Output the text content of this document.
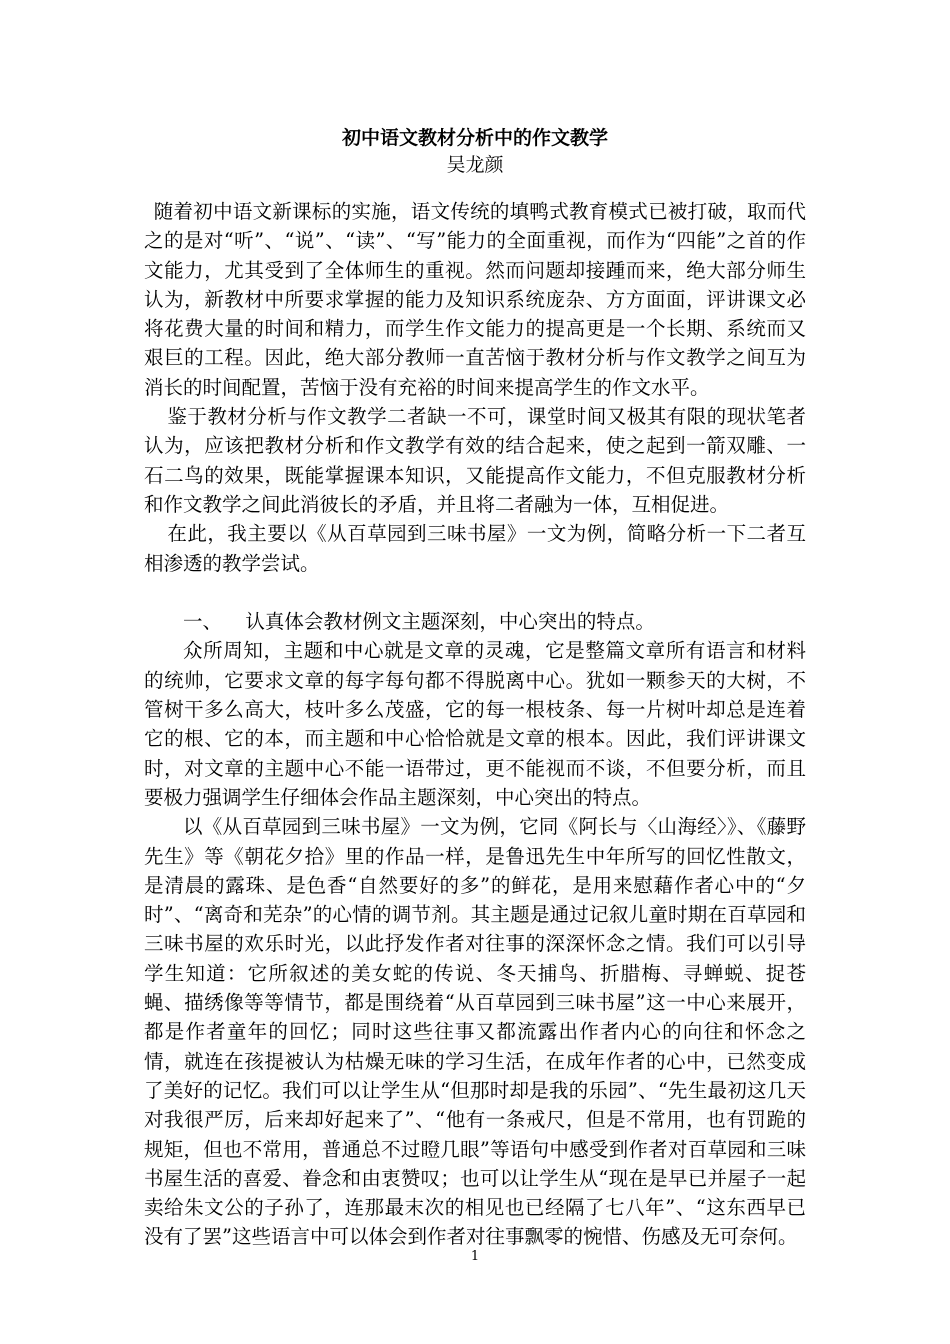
初中语文教材分析中的作文教学
吴龙颜

随着初中语文新课标的实施，语文传统的填鸭式教育模式已被打破，取而代之的是对“听”、“说”、“读”、“写”能力的全面重视，而作为“四能”之首的作文能力，尤其受到了全体师生的重视。然而问题却接踵而来，绝大部分师生认为，新教材中所要求掌握的能力及知识系统庞杂、方方面面，评讲课文必将花费大量的时间和精力，而学生作文能力的提高更是一个长期、系统而又艰巨的工程。因此，绝大部分教师一直苦恼于教材分析与作文教学之间互为消长的时间配置，苦恼于没有充裕的时间来提高学生的作文水平。

鉴于教材分析与作文教学二者缺一不可，课堂时间又极其有限的现状笔者认为，应该把教材分析和作文教学有效的结合起来，使之起到一箭双雕、一石二鸟的效果，既能掌握课本知识，又能提高作文能力，不但克服教材分析和作文教学之间此消彼长的矛盾，并且将二者融为一体，互相促进。

在此，我主要以《从百草园到三味书屋》一文为例，简略分析一下二者互相渗透的教学尝试。

一、 认真体会教材例文主题深刻，中心突出的特点。

众所周知，主题和中心就是文章的灵魂，它是整篇文章所有语言和材料的统帅，它要求文章的每字每句都不得脱离中心。犹如一颗参天的大树，不管树干多么高大，枝叶多么茂盛，它的每一根枝条、每一片树叶却总是连着它的根、它的本，而主题和中心恰恰就是文章的根本。因此，我们评讲课文时，对文章的主题中心不能一语带过，更不能视而不谈，不但要分析，而且要极力强调学生仔细体会作品主题深刻，中心突出的特点。

以《从百草园到三味书屋》一文为例，它同《阿长与〈山海经〉》、《藤野先生》等《朝花夕拾》里的作品一样，是鲁迅先生中年所写的回忆性散文，是清晨的露珠、是色香“自然要好的多”的鲜花，是用来慰藉作者心中的“夕时”、“离奇和芜杂”的心情的调节剂。其主题是通过记叙儿童时期在百草园和三味书屋的欢乐时光，以此抒发作者对往事的深深怀念之情。我们可以引导学生知道：它所叙述的美女蛇的传说、冬天捕鸟、折腊梅、寻蝉蜕、捉苍蝇、描绣像等等情节，都是围绕着“从百草园到三味书屋”这一中心来展开，都是作者童年的回忆；同时这些往事又都流露出作者内心的向往和怀念之情，就连在孩提被认为枯燥无味的学习生活，在成年作者的心中，已然变成了美好的记忆。我们可以让学生从“但那时却是我的乐园”、“先生最初这几天对我很严厉，后来却好起来了”、“他有一条戒尺，但是不常用，也有罚跪的规矩，但也不常用，普通总不过瞪几眼”等语句中感受到作者对百草园和三味书屋生活的喜爱、眷念和由衷赞叹；也可以让学生从“现在是早已并屋子一起卖给朱文公的子孙了，连那最末次的相见也已经隔了七八年”、“这东西早已没有了罢”这些语言中可以体会到作者对往事飘零的惋惜、伤感及无可奈何。

1
